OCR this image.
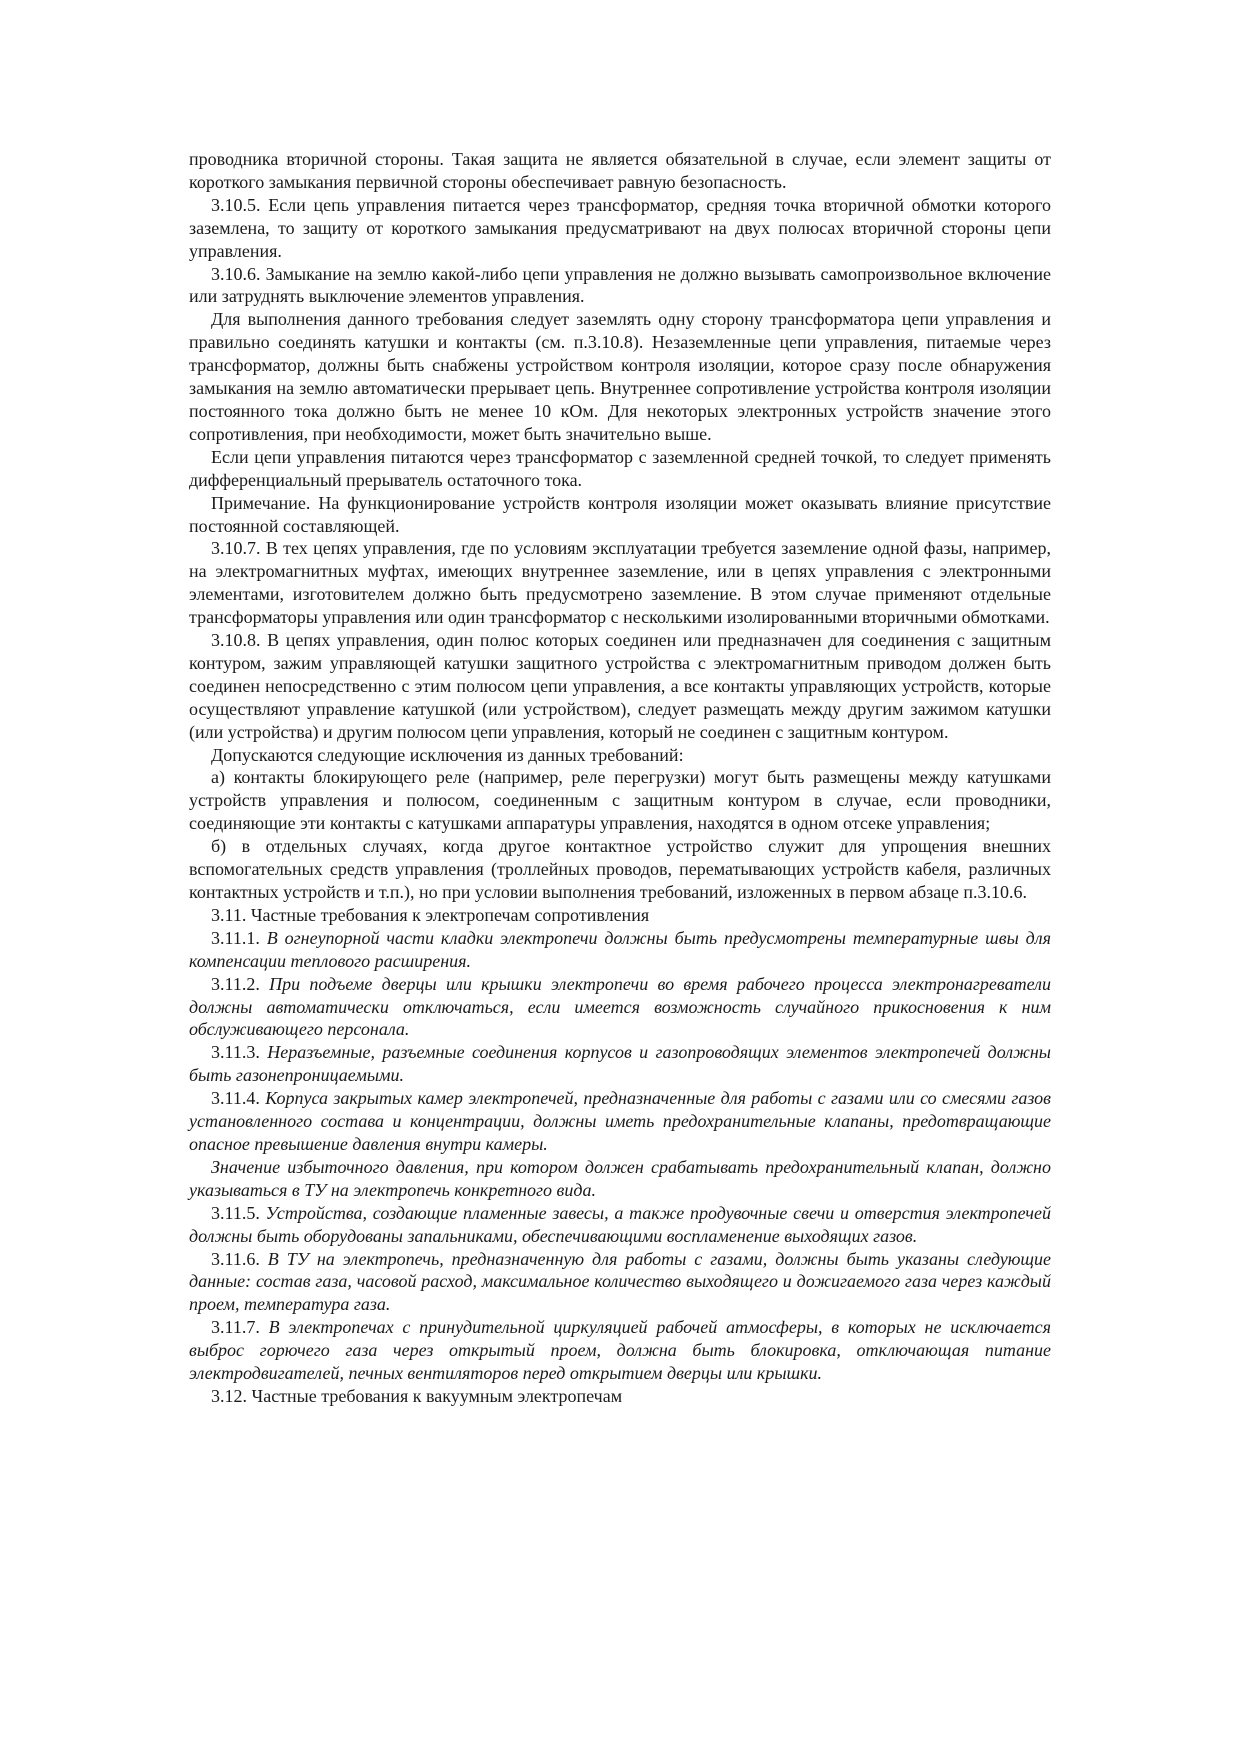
проводника вторичной стороны. Такая защита не является обязательной в случае, если элемент защиты от короткого замыкания первичной стороны обеспечивает равную безопасность.

3.10.5. Если цепь управления питается через трансформатор, средняя точка вторичной обмотки которого заземлена, то защиту от короткого замыкания предусматривают на двух полюсах вторичной стороны цепи управления.

3.10.6. Замыкание на землю какой-либо цепи управления не должно вызывать самопроизвольное включение или затруднять выключение элементов управления.

Для выполнения данного требования следует заземлять одну сторону трансформатора цепи управления и правильно соединять катушки и контакты (см. п.3.10.8). Незаземленные цепи управления, питаемые через трансформатор, должны быть снабжены устройством контроля изоляции, которое сразу после обнаружения замыкания на землю автоматически прерывает цепь. Внутреннее сопротивление устройства контроля изоляции постоянного тока должно быть не менее 10 кОм. Для некоторых электронных устройств значение этого сопротивления, при необходимости, может быть значительно выше.

Если цепи управления питаются через трансформатор с заземленной средней точкой, то следует применять дифференциальный прерыватель остаточного тока.

Примечание. На функционирование устройств контроля изоляции может оказывать влияние присутствие постоянной составляющей.

3.10.7. В тех цепях управления, где по условиям эксплуатации требуется заземление одной фазы, например, на электромагнитных муфтах, имеющих внутреннее заземление, или в цепях управления с электронными элементами, изготовителем должно быть предусмотрено заземление. В этом случае применяют отдельные трансформаторы управления или один трансформатор с несколькими изолированными вторичными обмотками.

3.10.8. В цепях управления, один полюс которых соединен или предназначен для соединения с защитным контуром, зажим управляющей катушки защитного устройства с электромагнитным приводом должен быть соединен непосредственно с этим полюсом цепи управления, а все контакты управляющих устройств, которые осуществляют управление катушкой (или устройством), следует размещать между другим зажимом катушки (или устройства) и другим полюсом цепи управления, который не соединен с защитным контуром.

Допускаются следующие исключения из данных требований:

а) контакты блокирующего реле (например, реле перегрузки) могут быть размещены между катушками устройств управления и полюсом, соединенным с защитным контуром в случае, если проводники, соединяющие эти контакты с катушками аппаратуры управления, находятся в одном отсеке управления;

б) в отдельных случаях, когда другое контактное устройство служит для упрощения внешних вспомогательных средств управления (троллейных проводов, перематывающих устройств кабеля, различных контактных устройств и т.п.), но при условии выполнения требований, изложенных в первом абзаце п.3.10.6.

3.11. Частные требования к электропечам сопротивления

3.11.1. В огнеупорной части кладки электропечи должны быть предусмотрены температурные швы для компенсации теплового расширения.

3.11.2. При подъеме дверцы или крышки электропечи во время рабочего процесса электронагреватели должны автоматически отключаться, если имеется возможность случайного прикосновения к ним обслуживающего персонала.

3.11.3. Неразъемные, разъемные соединения корпусов и газопроводящих элементов электропечей должны быть газонепроницаемыми.

3.11.4. Корпуса закрытых камер электропечей, предназначенные для работы с газами или со смесями газов установленного состава и концентрации, должны иметь предохранительные клапаны, предотвращающие опасное превышение давления внутри камеры.

Значение избыточного давления, при котором должен срабатывать предохранительный клапан, должно указываться в ТУ на электропечь конкретного вида.

3.11.5. Устройства, создающие пламенные завесы, а также продувочные свечи и отверстия электропечей должны быть оборудованы запальниками, обеспечивающими воспламенение выходящих газов.

3.11.6. В ТУ на электропечь, предназначенную для работы с газами, должны быть указаны следующие данные: состав газа, часовой расход, максимальное количество выходящего и дожигаемого газа через каждый проем, температура газа.

3.11.7. В электропечах с принудительной циркуляцией рабочей атмосферы, в которых не исключается выброс горючего газа через открытый проем, должна быть блокировка, отключающая питание электродвигателей, печных вентиляторов перед открытием дверцы или крышки.

3.12. Частные требования к вакуумным электропечам
